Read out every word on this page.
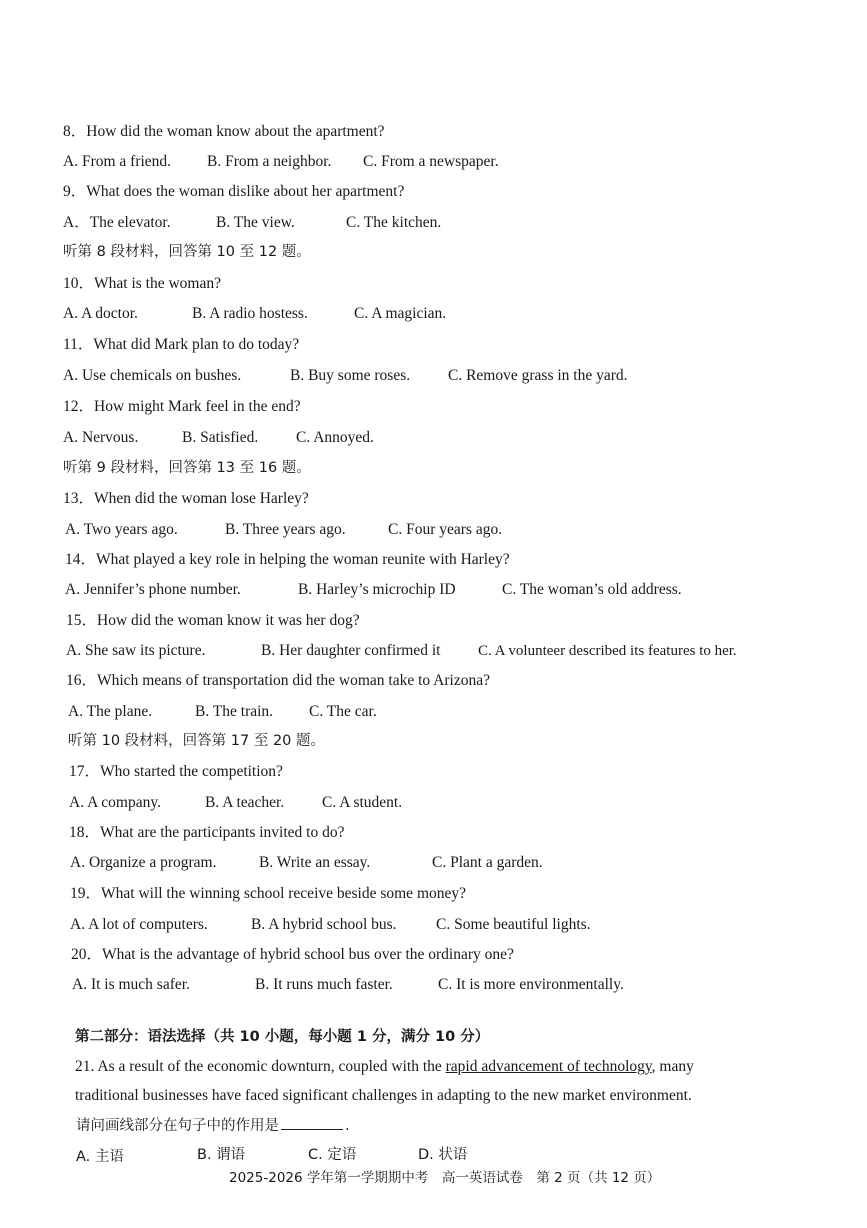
8．How did the woman know about the apartment?
A. From a friend. B. From a neighbor. C. From a newspaper.
9．What does the woman dislike about her apartment?
A．The elevator.	B. The view.	C. The kitchen.
听第 8 段材料，回答第 10 至 12 题。
10．What is the woman?
A. A doctor.	B. A radio hostess.	C. A magician.
11．What did Mark plan to do today?
A. Use chemicals on bushes.	B. Buy some roses. C. Remove grass in the yard.
12．How might Mark feel in the end?
A. Nervous.	B. Satisfied. C. Annoyed.
听第 9 段材料，回答第 13 至 16 题。
13．When did the woman lose Harley?
A. Two years ago.	B. Three years ago.	C. Four years ago.
14．What played a key role in helping the woman reunite with Harley?
A. Jennifer’s phone number.	B. Harley’s microchip ID	C. The woman’s old address.
15．How did the woman know it was her dog?
A. She saw its picture.	B. Her daughter confirmed it	C. A volunteer described its features to her.
16．Which means of transportation did the woman take to Arizona?
A. The plane.	B. The train. C. The car.
听第 10 段材料，回答第 17 至 20 题。
17．Who started the competition?
A. A company.	B. A teacher. C. A student.
18．What are the participants invited to do?
A. Organize a program.	B. Write an essay.	C. Plant a garden.
19．What will the winning school receive beside some money?
A. A lot of computers.	B. A hybrid school bus.	C. Some beautiful lights.
20．What is the advantage of hybrid school bus over the ordinary one?
A. It is much safer.	B. It runs much faster.	C. It is more environmentally.
第二部分：语法选择（共 10 小题，每小题 1 分，满分 10 分）
21. As a result of the economic downturn, coupled with the rapid advancement of technology, many
traditional businesses have faced significant challenges in adapting to the new market environment.
请问画线部分在句子中的作用是	.
A. 主语	B. 谓语	C. 定语	D. 状语
2025-2026 学年第一学期期中考　高一英语试卷　第 2 页（共 12 页）
